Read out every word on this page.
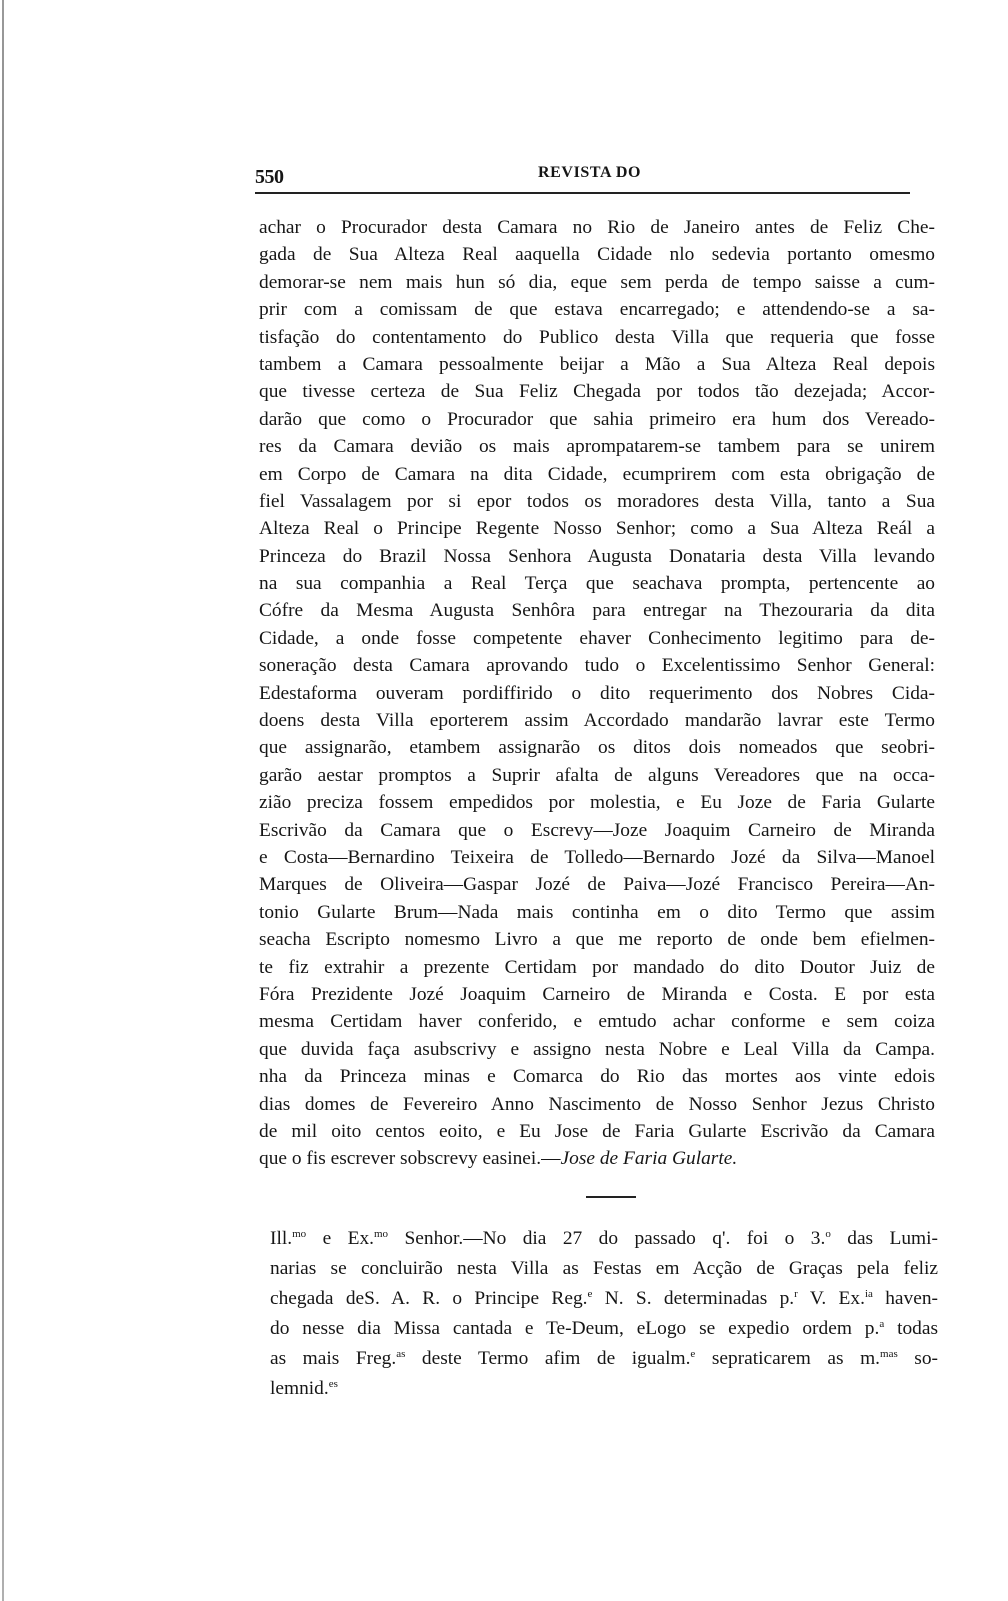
550	REVISTA DO
achar o Procurador desta Camara no Rio de Janeiro antes de Feliz Che-
gada de Sua Alteza Real aaquella Cidade nlo sedevia portanto omesmo
demorar-se nem mais hun só dia, eque sem perda de tempo saisse a cum-
prir com a comissam de que estava encarregado; e attendendo-se a sa-
tisfação do contentamento do Publico desta Villa que requeria que fosse
tambem a Camara pessoalmente beijar a Mão a Sua Alteza Real depois
que tivesse certeza de Sua Feliz Chegada por todos tão dezejada; Accor-
darão que como o Procurador que sahia primeiro era hum dos Vereado-
res da Camara devião os mais aprompatarem-se tambem para se unirem
em Corpo de Camara na dita Cidade, ecumprirem com esta obrigação de
fiel Vassalagem por si epor todos os moradores desta Villa, tanto a Sua
Alteza Real o Principe Regente Nosso Senhor; como a Sua Alteza Reál a
Princeza do Brazil Nossa Senhora Augusta Donataria desta Villa levando
na sua companhia a Real Terça que seachava prompta, pertencente ao
Cófre da Mesma Augusta Senhôra para entregar na Thezouraria da dita
Cidade, a onde fosse competente ehaver Conhecimento legitimo para de-
soneração desta Camara aprovando tudo o Excelentissimo Senhor General:
Edestaforma ouveram pordiffirido o dito requerimento dos Nobres Cida-
doens desta Villa eporterem assim Accordado mandarão lavrar este Termo
que assignarão, etambem assignarão os ditos dois nomeados que seobri-
garão aestar promptos a Suprir afalta de alguns Vereadores que na occa-
zião preciza fossem empedidos por molestia, e Eu Joze de Faria Gularte
Escrivão da Camara que o Escrevy—Joze Joaquim Carneiro de Miranda
e Costa—Bernardino Teixeira de Tolledo—Bernardo Jozé da Silva—Manoel
Marques de Oliveira—Gaspar Jozé de Paiva—Jozé Francisco Pereira—An-
tonio Gularte Brum—Nada mais continha em o dito Termo que assim
seacha Escripto nomesmo Livro a que me reporto de onde bem efielmen-
te fiz extrahir a prezente Certidam por mandado do dito Doutor Juiz de
Fóra Prezidente Jozé Joaquim Carneiro de Miranda e Costa. E por esta
mesma Certidam haver conferido, e emtudo achar conforme e sem coiza
que duvida faça asubscrivy e assigno nesta Nobre e Leal Villa da Campa.
nha da Princeza minas e Comarca do Rio das mortes aos vinte edois
dias domes de Fevereiro Anno Nascimento de Nosso Senhor Jezus Christo
de mil oito centos eoito, e Eu Jose de Faria Gularte Escrivão da Camara
que o fis escrever sobscrevy easinei.—Jose de Faria Gularte.
Ill.$^{mo}$ e Ex.$^{mo}$ Senhor.—No dia 27 do passado q'. foi o 3.$^o$ das Lumi-
narias se concluirão nesta Villa as Festas em Acção de Graças pela feliz
chegada deS. A. R. o Principe Reg.$^e$ N. S. determinadas p.$^r$ V. Ex.$^{ia}$ haven-
do nesse dia Missa cantada e Te-Deum, eLogo se expedio ordem p.$^a$ todas
as mais Freg.$^{as}$ deste Termo afim de igualm.$^e$ sepraticarem as m.$^{mas}$ so-
lemnid.$^{es}$
